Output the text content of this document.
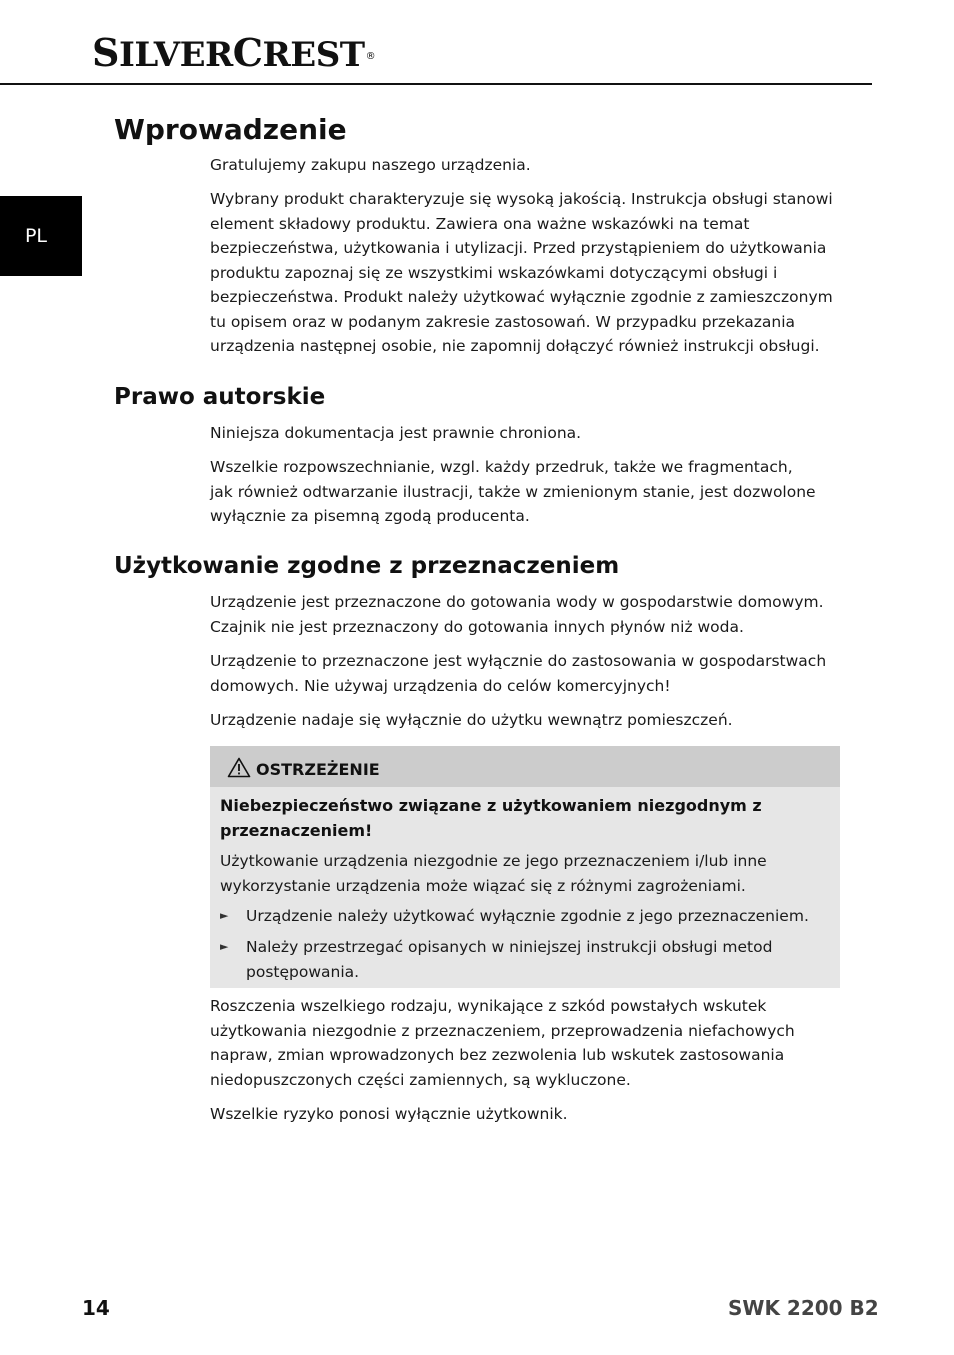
SILVERCREST®
PL
Wprowadzenie

Gratulujemy zakupu naszego urządzenia.

Wybrany produkt charakteryzuje się wysoką jakością. Instrukcja obsługi stanowi element składowy produktu. Zawiera ona ważne wskazówki na temat bezpieczeństwa, użytkowania i utylizacji. Przed przystąpieniem do użytkowania produktu zapoznaj się ze wszystkimi wskazówkami dotyczącymi obsługi i bezpieczeństwa. Produkt należy użytkować wyłącznie zgodnie z zamieszczonym tu opisem oraz w podanym zakresie zastosowań. W przypadku przekazania urządzenia następnej osobie, nie zapomnij dołączyć również instrukcji obsługi.

Prawo autorskie

Niniejsza dokumentacja jest prawnie chroniona.

Wszelkie rozpowszechnianie, wzgl. każdy przedruk, także we fragmentach, jak również odtwarzanie ilustracji, także w zmienionym stanie, jest dozwolone wyłącznie za pisemną zgodą producenta.

Użytkowanie zgodne z przeznaczeniem

Urządzenie jest przeznaczone do gotowania wody w gospodarstwie domowym. Czajnik nie jest przeznaczony do gotowania innych płynów niż woda.

Urządzenie to przeznaczone jest wyłącznie do zastosowania w gospodarstwach domowych. Nie używaj urządzenia do celów komercyjnych!

Urządzenie nadaje się wyłącznie do użytku wewnątrz pomieszczeń.

OSTRZEŻENIE

Niebezpieczeństwo związane z użytkowaniem niezgodnym z przeznaczeniem!

Użytkowanie urządzenia niezgodnie ze jego przeznaczeniem i/lub inne wykorzystanie urządzenia może wiązać się z różnymi zagrożeniami.

► Urządzenie należy użytkować wyłącznie zgodnie z jego przeznaczeniem.
► Należy przestrzegać opisanych w niniejszej instrukcji obsługi metod postępowania.

Roszczenia wszelkiego rodzaju, wynikające z szkód powstałych wskutek użytkowania niezgodnie z przeznaczeniem, przeprowadzenia niefachowych napraw, zmian wprowadzonych bez zezwolenia lub wskutek zastosowania niedopuszczonych części zamiennych, są wykluczone.

Wszelkie ryzyko ponosi wyłącznie użytkownik.

14	SWK 2200 B2
